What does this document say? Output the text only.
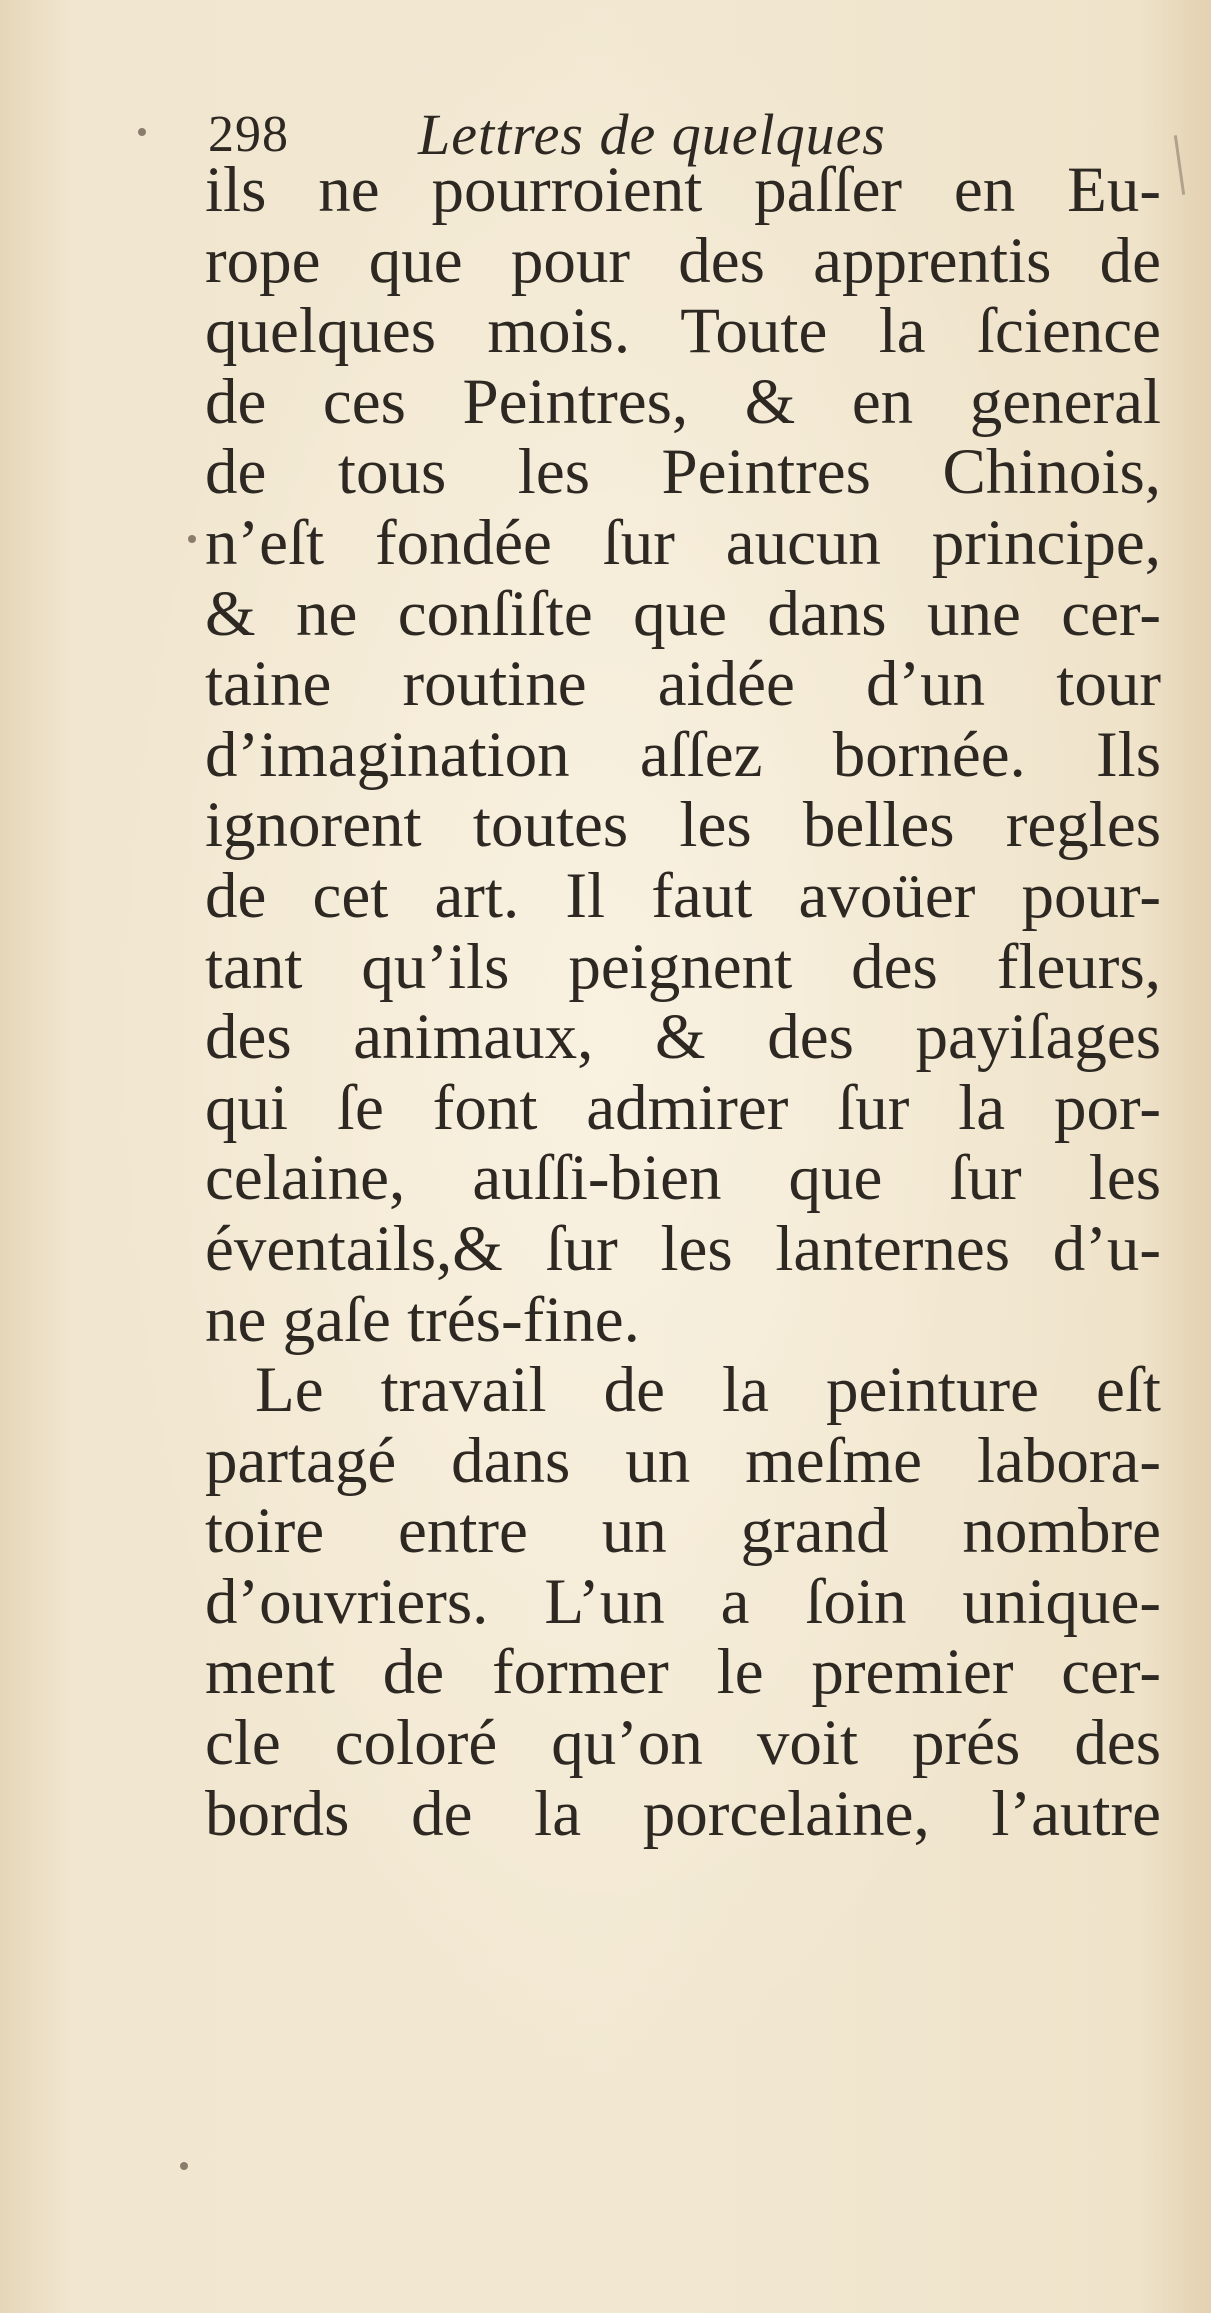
298 Lettres de quelques
ils ne pourroient paſſer en Eu-
rope que pour des apprentis de
quelques mois. Toute la ſcience
de ces Peintres, & en general
de tous les Peintres Chinois,
n’eſt fondée ſur aucun principe,
& ne conſiſte que dans une cer-
taine routine aidée d’un tour
d’imagination aſſez bornée. Ils
ignorent toutes les belles regles
de cet art. Il faut avoüer pour-
tant qu’ils peignent des fleurs,
des animaux, & des payiſages
qui ſe font admirer ſur la por-
celaine, auſſi-bien que ſur les
éventails,& ſur les lanternes d’u-
ne gaſe trés-fine.
Le travail de la peinture eſt
partagé dans un meſme labora-
toire entre un grand nombre
d’ouvriers. L’un a ſoin unique-
ment de former le premier cer-
cle coloré qu’on voit prés des
bords de la porcelaine, l’autre
